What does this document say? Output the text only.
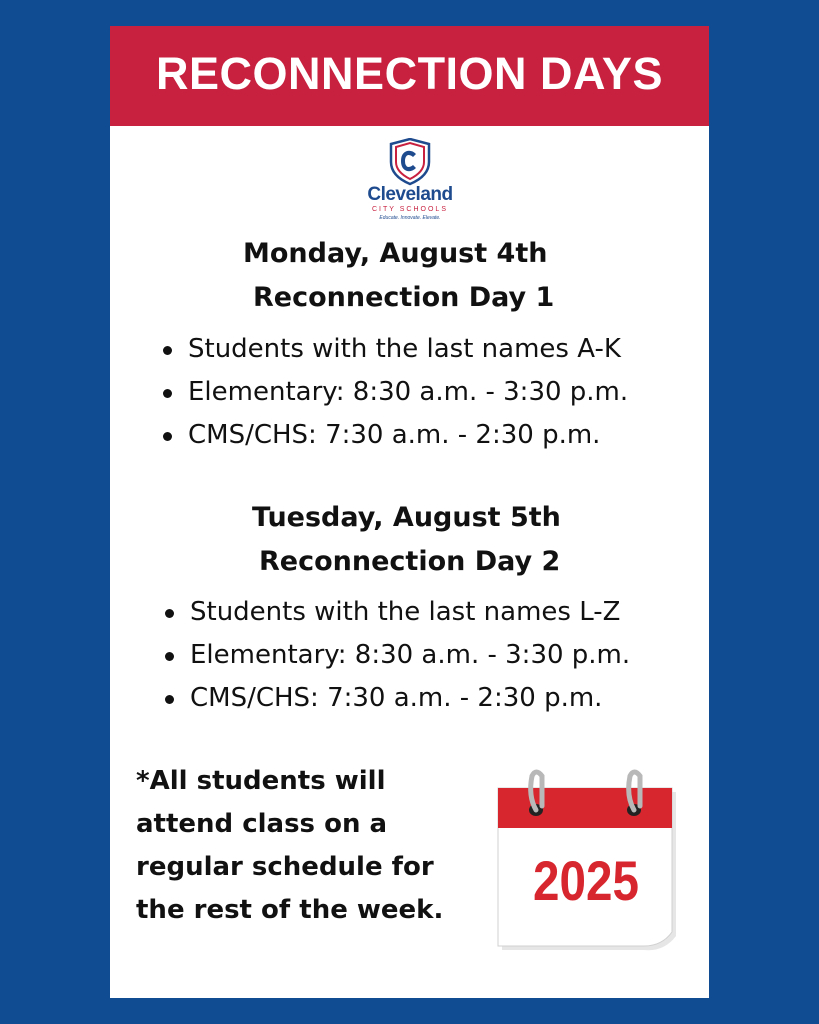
RECONNECTION DAYS
Cleveland
CITY SCHOOLS
Educate. Innovate. Elevate.
Monday, August 4th
Reconnection Day 1
Students with the last names A-K
Elementary: 8:30 a.m. - 3:30 p.m.
CMS/CHS: 7:30 a.m. - 2:30 p.m.
Tuesday, August 5th
Reconnection Day 2
Students with the last names L-Z
Elementary: 8:30 a.m. - 3:30 p.m.
CMS/CHS: 7:30 a.m. - 2:30 p.m.
*All students will attend class on a regular schedule for the rest of the week.	2025
